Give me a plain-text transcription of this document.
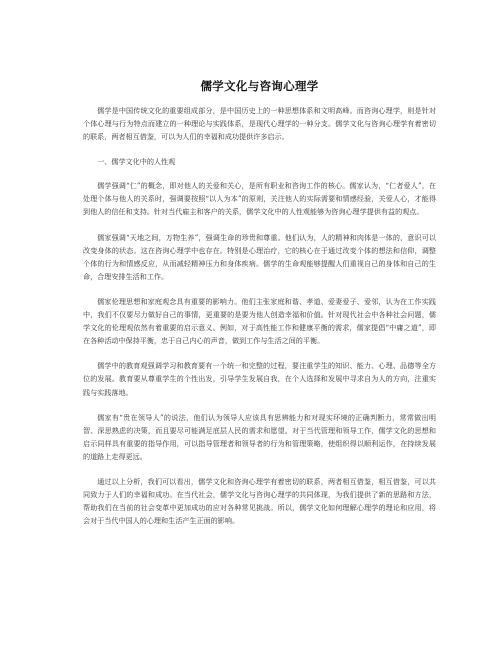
儒学文化与咨询心理学

儒学是中国传统文化的重要组成部分，是中国历史上的一种思想体系和文明高峰。而咨询心理学，则是针对个体心理与行为特点而建立的一种理论与实践体系，是现代心理学的一种分支。儒学文化与咨询心理学有着密切的联系，两者相互借鉴，可以为人们的幸福和成功提供许多启示。

一、儒学文化中的人性观

儒学强调“仁”的概念，即对他人的关爱和关心，是所有职业和咨询工作的核心。儒家认为，“仁者爱人”，在处理个体与他人的关系时，强调要按照“以人为本”的原则，关注他人的实际需要和情感经验，关爱人心，才能得到他人的信任和支持。针对当代雇主和客户的关系，儒学文化中的人性观能够为咨询心理学提供有益的观点。

儒家强调“天地之间，万物生养”，强调生命的珍贵和尊重。他们认为，人的精神和肉体是一体的，意识可以改变身体的状态。这在咨询心理学中也存在。特别是心理治疗，它的核心在于通过改变个体的想法和信仰，调整个体的行为和情感反应，从而减轻精神压力和身体疾病。儒学的生命观能够提醒人们重视自己的身体和自己的生命，合理安排生活和工作。

儒家伦理思想和家庭观念具有重要的影响力。他们主张家庭和谐、孝道、爱妻爱子、爱邻，认为在工作实践中，我们不仅要尽力做好自己的事情，更重要的是要为他人创造幸福和价值。针对现代社会中各种社会问题，儒学文化的伦理观依然有着重要的启示意义。例如，对于高性能工作和健康平衡的需求，儒家提倡“中庸之道”，即在各种活动中保持平衡，忠于自己内心的声音，做到工作与生活之间的平衡。

儒学中的教育观强调学习和教育要有一个统一和完整的过程，要注重学生的知识、能力、心理、品德等全方位的发展。教育要从尊重学生的个性出发，引导学生发展自我，在个人选择和发展中寻求自为人的方向，注重实践与实践落地。

儒家有“贵在领导人”的说法，他们认为领导人应该具有思辨能力和对现实环境的正确判断力，常常做出明智、深思熟虑的决策，而且要尽可能满足底层人民的需求和愿望。对于当代管理和领导工作，儒学文化的思想和启示同样具有重要的指导作用，可以指导管理者和领导者的行为和管理策略，使组织得以顺利运作，在持续发展的道路上走得更远。

通过以上分析，我们可以看出，儒学文化和咨询心理学有着密切的联系，两者相互借鉴，相互借鉴，可以共同致力于人们的幸福和成功。在当代社会，儒学文化与咨询心理学的共同体现，为我们提供了新的思路和方法，帮助我们在当前的社会变革中更加成功的应对各种常见挑战。所以，儒学文化如何理解心理学的理论和应用，将会对于当代中国人的心理和生活产生正面的影响。
